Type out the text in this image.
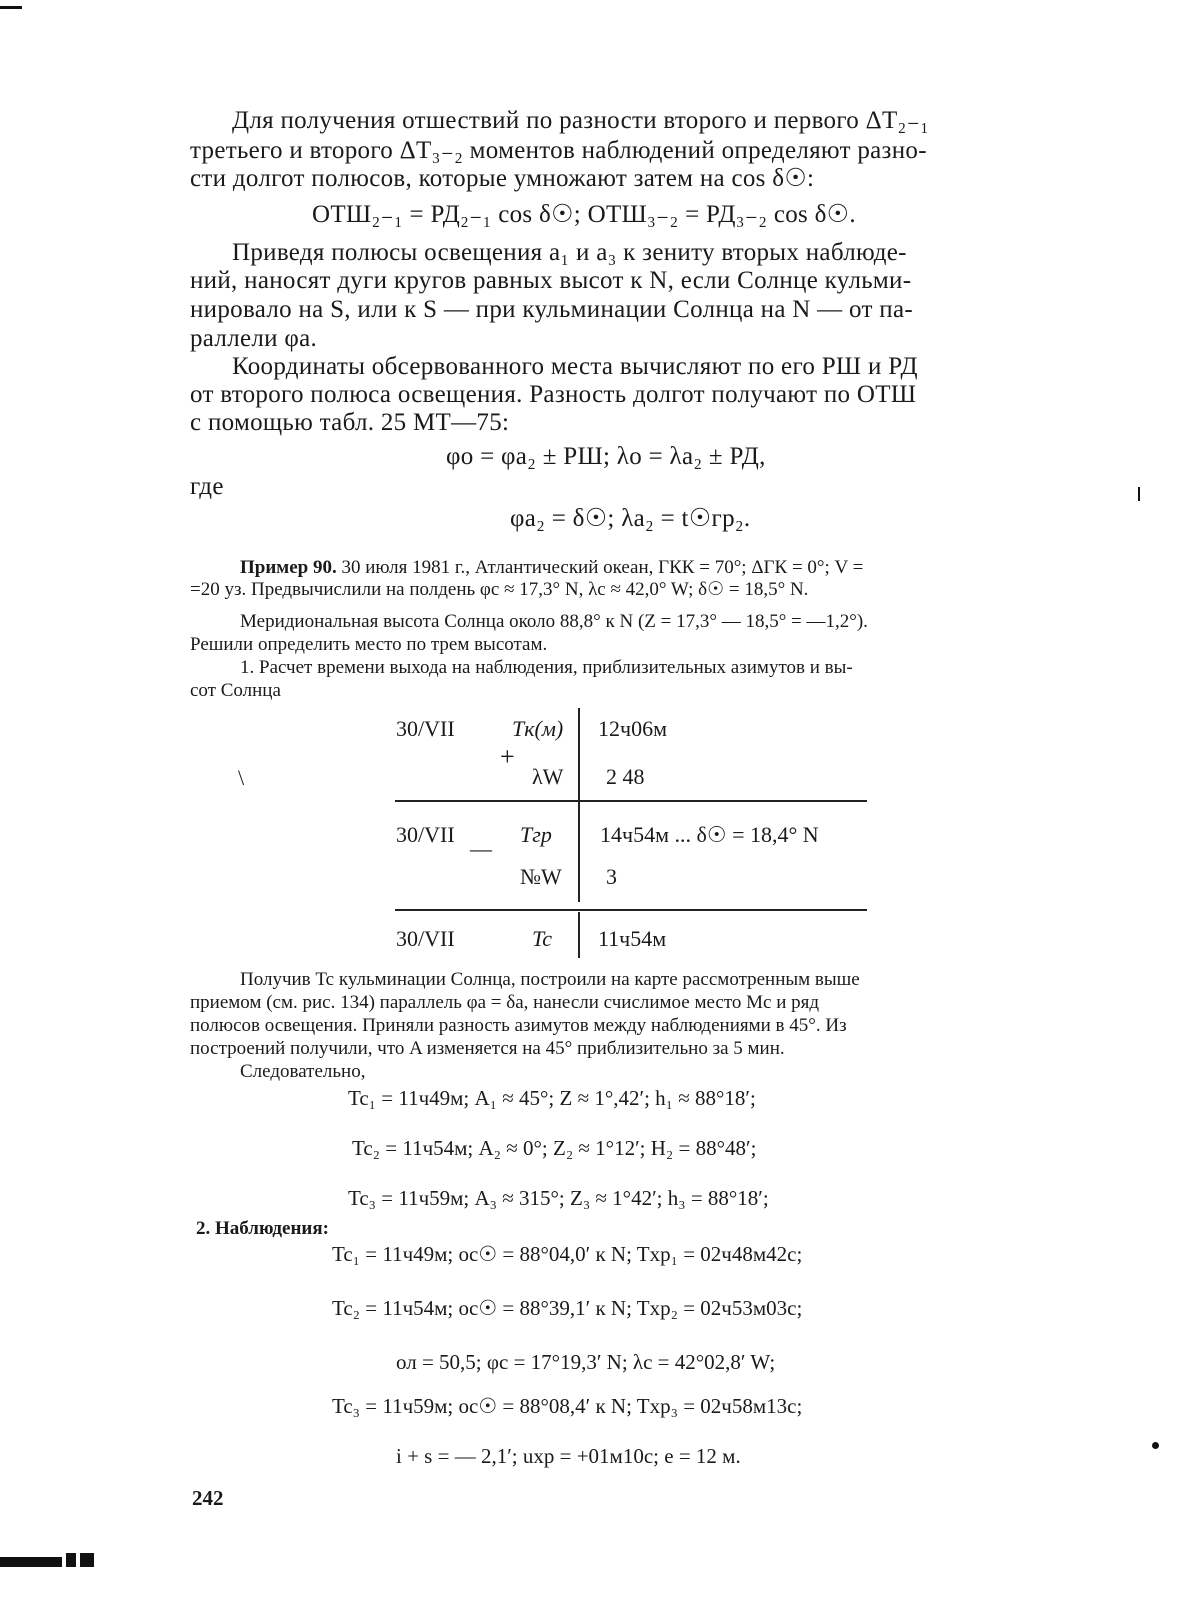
Для получения отшествий по разности второго и первого ΔT₂₋₁
третьего и второго ΔT₃₋₂ моментов наблюдений определяют разно-
сти долгот полюсов, которые умножают затем на cos δ☉:
ОТШ₂₋₁ = РД₂₋₁ cos δ☉; ОТШ₃₋₂ = РД₃₋₂ cos δ☉.
Приведя полюсы освещения a₁ и a₃ к зениту вторых наблюде-
ний, наносят дуги кругов равных высот к N, если Солнце кульми-
нировало на S, или к S — при кульминации Солнца на N — от па-
раллели φa.
Координаты обсервованного места вычисляют по его РШ и РД
от второго полюса освещения. Разность долгот получают по ОТШ
с помощью табл. 25 МТ—75:
φo = φa₂ ± РШ; λo = λa₂ ± РД,
где
φa₂ = δ☉; λa₂ = t☉гр₂.
Пример 90. 30 июля 1981 г., Атлантический океан, ГКК = 70°; ΔГК = 0°; V =
=20 уз. Предвычислили на полдень φc ≈ 17,3° N, λc ≈ 42,0° W; δ☉ = 18,5° N.
Меридиональная высота Солнца около 88,8° к N (Z = 17,3° — 18,5° = —1,2°).
Решили определить место по трем высотам.
1. Расчет времени выхода на наблюдения, приблизительных азимутов и вы-
сот Солнца
\
30/VII	Tк(м) 12ч06м
+
λW 2 48
30/VII
—
Tгр 14ч54м ... δ☉ = 18,4° N
№W 3
30/VII	Tc 11ч54м
Получив Tc кульминации Солнца, построили на карте рассмотренным выше
приемом (см. рис. 134) параллель φa = δa, нанесли счислимое место Mc и ряд
полюсов освещения. Приняли разность азимутов между наблюдениями в 45°. Из
построений получили, что A изменяется на 45° приблизительно за 5 мин.
Следовательно,
Tc₁ = 11ч49м; A₁ ≈ 45°; Z ≈ 1°,42′; h₁ ≈ 88°18′;
Tc₂ = 11ч54м; A₂ ≈ 0°; Z₂ ≈ 1°12′; H₂ = 88°48′;
Tc₃ = 11ч59м; A₃ ≈ 315°; Z₃ ≈ 1°42′; h₃ = 88°18′;
2. Наблюдения:
Tc₁ = 11ч49м; oc☉ = 88°04,0′ к N; Tхр₁ = 02ч48м42с;
Tc₂ = 11ч54м; oc☉ = 88°39,1′ к N; Tхр₂ = 02ч53м03с;
ол = 50,5; φc = 17°19,3′ N; λc = 42°02,8′ W;
Tc₃ = 11ч59м; oc☉ = 88°08,4′ к N; Tхр₃ = 02ч58м13с;
i + s = — 2,1′; uхр = +01м10с; e = 12 м.
242
